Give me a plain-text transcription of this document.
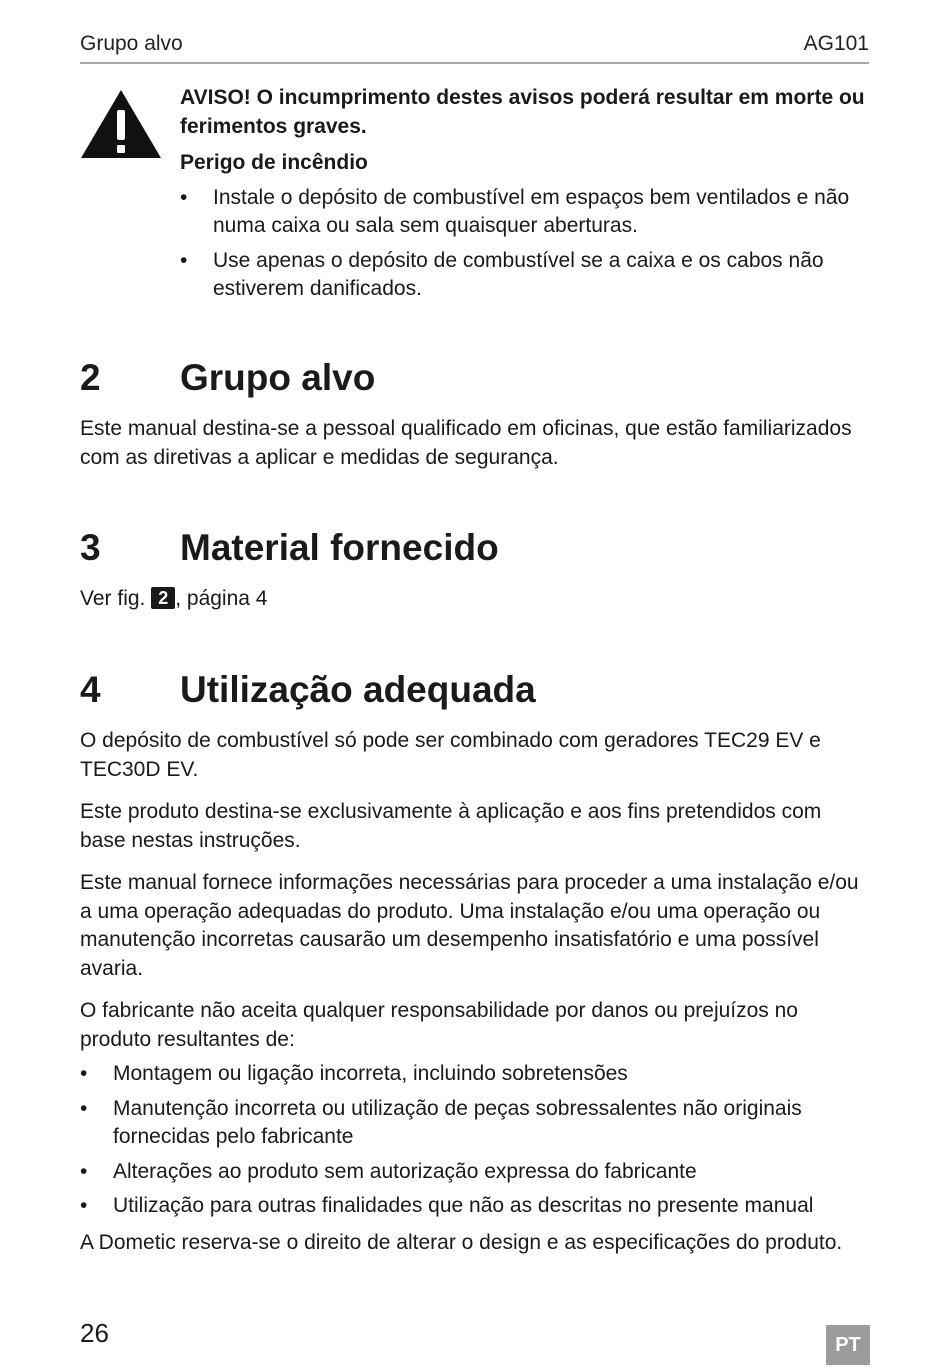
Grupo alvo	AG101

AVISO! O incumprimento destes avisos poderá resultar em morte ou ferimentos graves.

Perigo de incêndio

• Instale o depósito de combustível em espaços bem ventilados e não numa caixa ou sala sem quaisquer aberturas.
• Use apenas o depósito de combustível se a caixa e os cabos não estiverem danificados.
2 Grupo alvo

Este manual destina-se a pessoal qualificado em oficinas, que estão familiarizados com as diretivas a aplicar e medidas de segurança.

3 Material fornecido

Ver fig. 2 , página 4

4 Utilização adequada

O depósito de combustível só pode ser combinado com geradores TEC29 EV e TEC30D EV.

Este produto destina-se exclusivamente à aplicação e aos fins pretendidos com base nestas instruções.

Este manual fornece informações necessárias para proceder a uma instalação e/ou a uma operação adequadas do produto. Uma instalação e/ou uma operação ou manutenção incorretas causarão um desempenho insatisfatório e uma possível avaria.

O fabricante não aceita qualquer responsabilidade por danos ou prejuízos no produto resultantes de:

• Montagem ou ligação incorreta, incluindo sobretensões
• Manutenção incorreta ou utilização de peças sobressalentes não originais fornecidas pelo fabricante
• Alterações ao produto sem autorização expressa do fabricante
• Utilização para outras finalidades que não as descritas no presente manual

A Dometic reserva-se o direito de alterar o design e as especificações do produto.

26	PT
